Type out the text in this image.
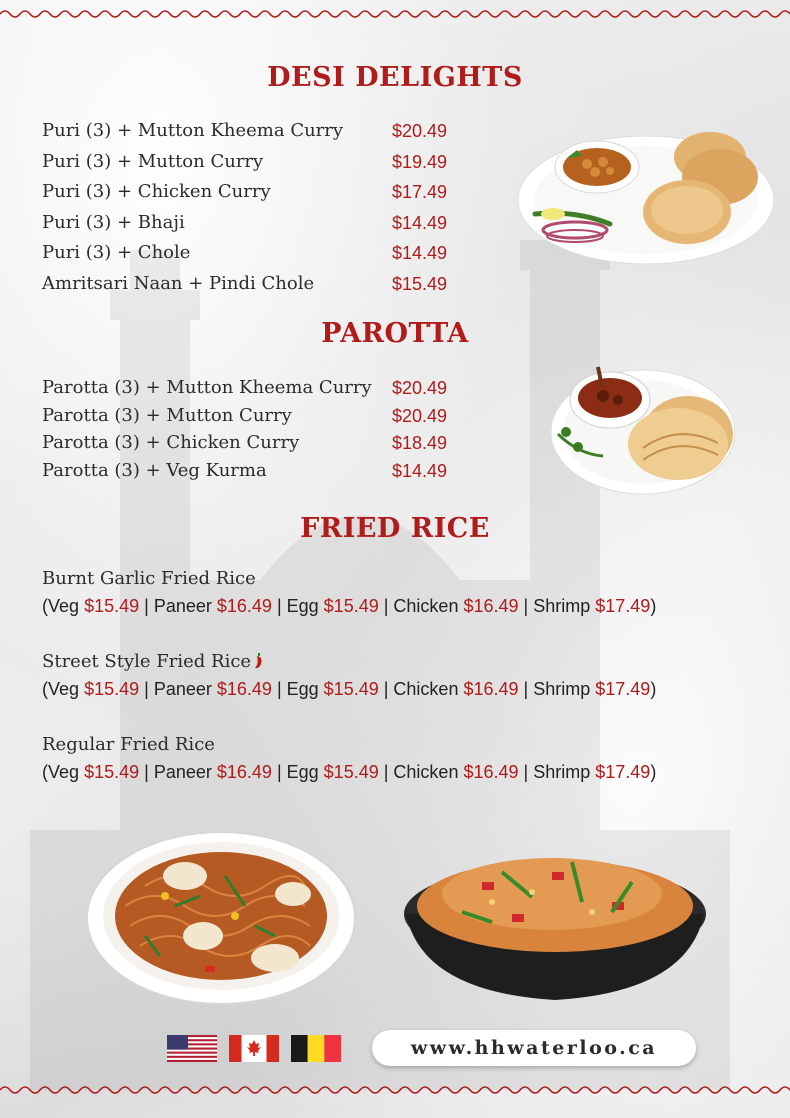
DESI DELIGHTS
Puri (3) + Mutton Kheema Curry	$20.49
Puri (3) + Mutton Curry	$19.49
Puri (3) + Chicken Curry	$17.49
Puri (3) + Bhaji	$14.49
Puri (3) + Chole	$14.49
Amritsari Naan + Pindi Chole	$15.49
PAROTTA
Parotta (3) + Mutton Kheema Curry $20.49
Parotta (3) + Mutton Curry	$20.49
Parotta (3) + Chicken Curry	$18.49
Parotta (3) + Veg Kurma	$14.49
FRIED RICE
Burnt Garlic Fried Rice
(Veg $15.49 | Paneer $16.49 | Egg $15.49 | Chicken $16.49 | Shrimp $17.49)
Street Style Fried Rice
(Veg $15.49 | Paneer $16.49 | Egg $15.49 | Chicken $16.49 | Shrimp $17.49)
Regular Fried Rice
(Veg $15.49 | Paneer $16.49 | Egg $15.49 | Chicken $16.49 | Shrimp $17.49)
www.hhwaterloo.ca
